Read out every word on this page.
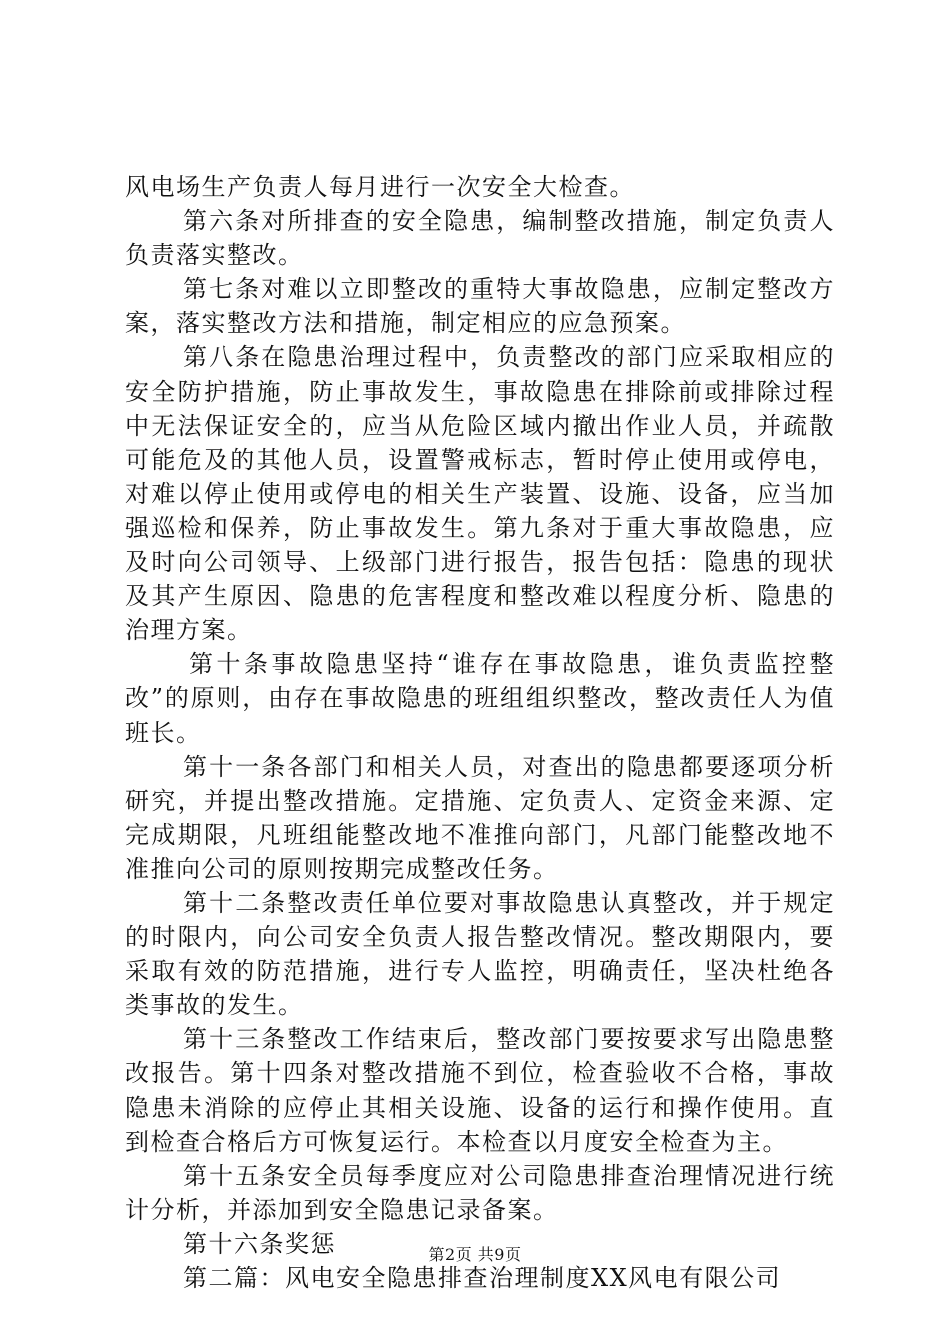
风电场生产负责人每月进行一次安全大检查。

第六条对所排查的安全隐患，编制整改措施，制定负责人负责落实整改。

第七条对难以立即整改的重特大事故隐患，应制定整改方案，落实整改方法和措施，制定相应的应急预案。

第八条在隐患治理过程中，负责整改的部门应采取相应的安全防护措施，防止事故发生，事故隐患在排除前或排除过程中无法保证安全的，应当从危险区域内撤出作业人员，并疏散可能危及的其他人员，设置警戒标志，暂时停止使用或停电，对难以停止使用或停电的相关生产装置、设施、设备，应当加强巡检和保养，防止事故发生。第九条对于重大事故隐患，应及时向公司领导、上级部门进行报告，报告包括：隐患的现状及其产生原因、隐患的危害程度和整改难以程度分析、隐患的治理方案。

第十条事故隐患坚持“谁存在事故隐患，谁负责监控整改”的原则，由存在事故隐患的班组组织整改，整改责任人为值班长。

第十一条各部门和相关人员，对查出的隐患都要逐项分析研究，并提出整改措施。定措施、定负责人、定资金来源、定完成期限，凡班组能整改地不准推向部门，凡部门能整改地不准推向公司的原则按期完成整改任务。

第十二条整改责任单位要对事故隐患认真整改，并于规定的时限内，向公司安全负责人报告整改情况。整改期限内，要采取有效的防范措施，进行专人监控，明确责任，坚决杜绝各类事故的发生。

第十三条整改工作结束后，整改部门要按要求写出隐患整改报告。第十四条对整改措施不到位，检查验收不合格，事故隐患未消除的应停止其相关设施、设备的运行和操作使用。直到检查合格后方可恢复运行。本检查以月度安全检查为主。

第十五条安全员每季度应对公司隐患排查治理情况进行统计分析，并添加到安全隐患记录备案。

第十六条奖惩

第二篇：风电安全隐患排查治理制度XX风电有限公司

第2页 共9页
